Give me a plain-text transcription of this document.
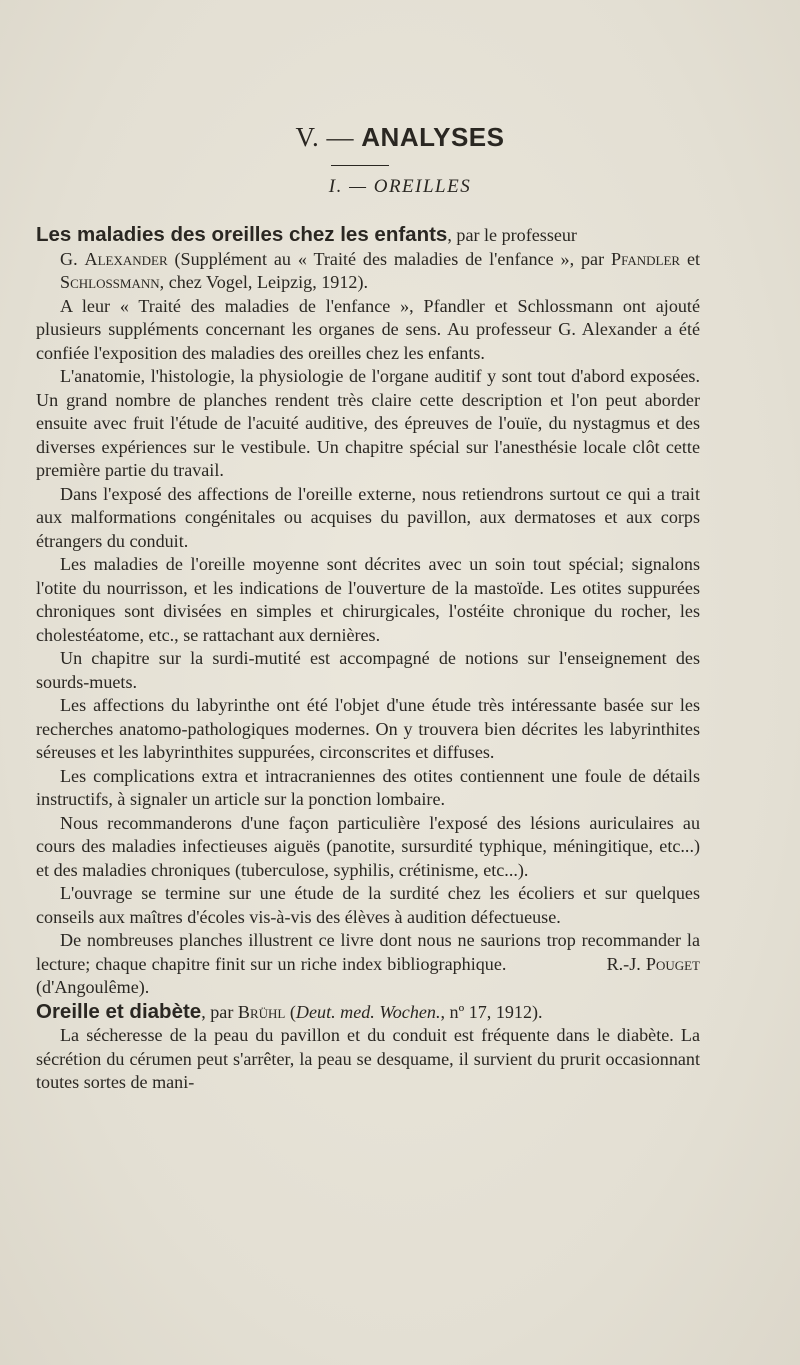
V. — ANALYSES
I. — OREILLES

Les maladies des oreilles chez les enfants, par le professeur

G. Alexander (Supplément au « Traité des maladies de l'enfance », par Pfandler et Schlossmann, chez Vogel, Leipzig, 1912).

A leur « Traité des maladies de l'enfance », Pfandler et Schlossmann ont ajouté plusieurs suppléments concernant les organes de sens. Au professeur G. Alexander a été confiée l'exposition des maladies des oreilles chez les enfants.

L'anatomie, l'histologie, la physiologie de l'organe auditif y sont tout d'abord exposées. Un grand nombre de planches rendent très claire cette description et l'on peut aborder ensuite avec fruit l'étude de l'acuité auditive, des épreuves de l'ouïe, du nystagmus et des diverses expériences sur le vestibule. Un chapitre spécial sur l'anesthésie locale clôt cette première partie du travail.

Dans l'exposé des affections de l'oreille externe, nous retiendrons surtout ce qui a trait aux malformations congénitales ou acquises du pavillon, aux dermatoses et aux corps étrangers du conduit.

Les maladies de l'oreille moyenne sont décrites avec un soin tout spécial; signalons l'otite du nourrisson, et les indications de l'ouverture de la mastoïde. Les otites suppurées chroniques sont divisées en simples et chirurgicales, l'ostéite chronique du rocher, les cholestéatome, etc., se rattachant aux dernières.

Un chapitre sur la surdi-mutité est accompagné de notions sur l'enseignement des sourds-muets.

Les affections du labyrinthe ont été l'objet d'une étude très intéressante basée sur les recherches anatomo-pathologiques modernes. On y trouvera bien décrites les labyrinthites séreuses et les labyrinthites suppurées, circonscrites et diffuses.

Les complications extra et intracraniennes des otites contiennent une foule de détails instructifs, à signaler un article sur la ponction lombaire.

Nous recommanderons d'une façon particulière l'exposé des lésions auriculaires au cours des maladies infectieuses aiguës (panotite, sursurdité typhique, méningitique, etc...) et des maladies chroniques (tuberculose, syphilis, crétinisme, etc...).

L'ouvrage se termine sur une étude de la surdité chez les écoliers et sur quelques conseils aux maîtres d'écoles vis-à-vis des élèves à audition défectueuse.

De nombreuses planches illustrent ce livre dont nous ne saurions trop recommander la lecture; chaque chapitre finit sur un riche index bibliographique.	R.-J. Pouget (d'Angoulême).

Oreille et diabète, par Brühl (Deut. med. Wochen., nº 17, 1912).

La sécheresse de la peau du pavillon et du conduit est fréquente dans le diabète. La sécrétion du cérumen peut s'arrêter, la peau se desquame, il survient du prurit occasionnant toutes sortes de mani-
